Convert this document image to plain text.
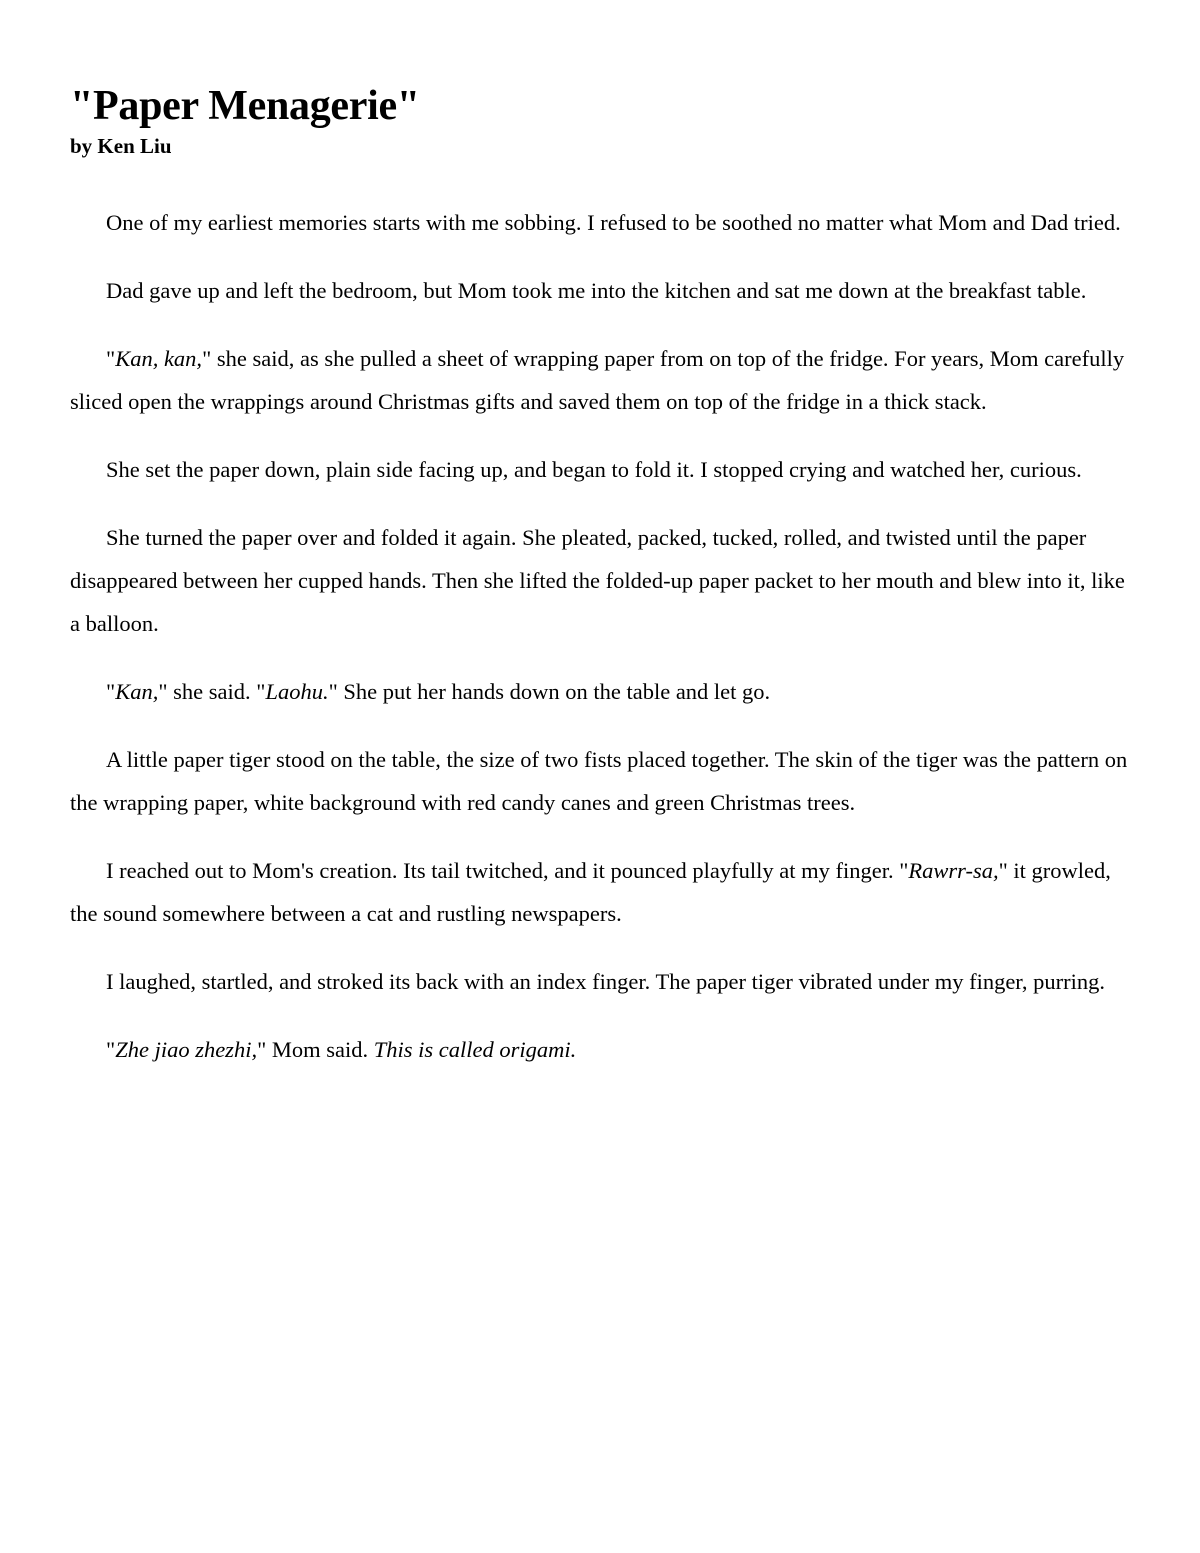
"Paper Menagerie"
by Ken Liu

One of my earliest memories starts with me sobbing. I refused to be soothed no matter what Mom and Dad tried.

Dad gave up and left the bedroom, but Mom took me into the kitchen and sat me down at the breakfast table.

"Kan, kan," she said, as she pulled a sheet of wrapping paper from on top of the fridge. For years, Mom carefully sliced open the wrappings around Christmas gifts and saved them on top of the fridge in a thick stack.

She set the paper down, plain side facing up, and began to fold it. I stopped crying and watched her, curious.

She turned the paper over and folded it again. She pleated, packed, tucked, rolled, and twisted until the paper disappeared between her cupped hands. Then she lifted the folded-up paper packet to her mouth and blew into it, like a balloon.

"Kan," she said. "Laohu." She put her hands down on the table and let go.

A little paper tiger stood on the table, the size of two fists placed together. The skin of the tiger was the pattern on the wrapping paper, white background with red candy canes and green Christmas trees.

I reached out to Mom's creation. Its tail twitched, and it pounced playfully at my finger. "Rawrr-sa," it growled, the sound somewhere between a cat and rustling newspapers.

I laughed, startled, and stroked its back with an index finger. The paper tiger vibrated under my finger, purring.

"Zhe jiao zhezhi," Mom said. This is called origami.
